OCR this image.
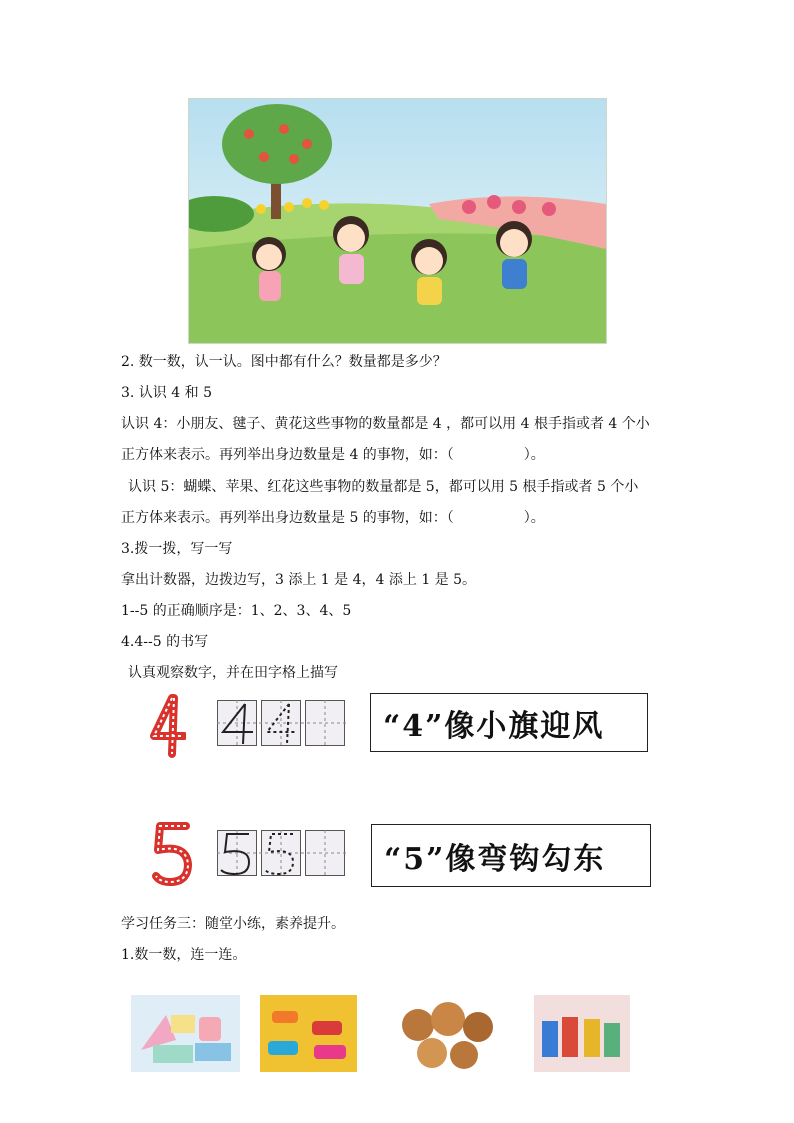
2. 数一数，认一认。图中都有什么？数量都是多少？
3. 认识 4 和 5
认识 4：小朋友、毽子、黄花这些事物的数量都是 4 ，都可以用 4 根手指或者 4 个小
正方体来表示。再列举出身边数量是 4 的事物，如：（　　　　　）。
认识 5：蝴蝶、苹果、红花这些事物的数量都是 5，都可以用 5 根手指或者 5 个小
正方体来表示。再列举出身边数量是 5 的事物，如：（　　　　　）。
3.拨一拨，写一写
拿出计数器，边拨边写，3 添上 1 是 4，4 添上 1 是 5。
1--5 的正确顺序是：1、2、3、4、5
4.4--5 的书写
认真观察数字，并在田字格上描写
“4”像小旗迎风
“5”像弯钩勾东
学习任务三：随堂小练，素养提升。
1.数一数，连一连。
